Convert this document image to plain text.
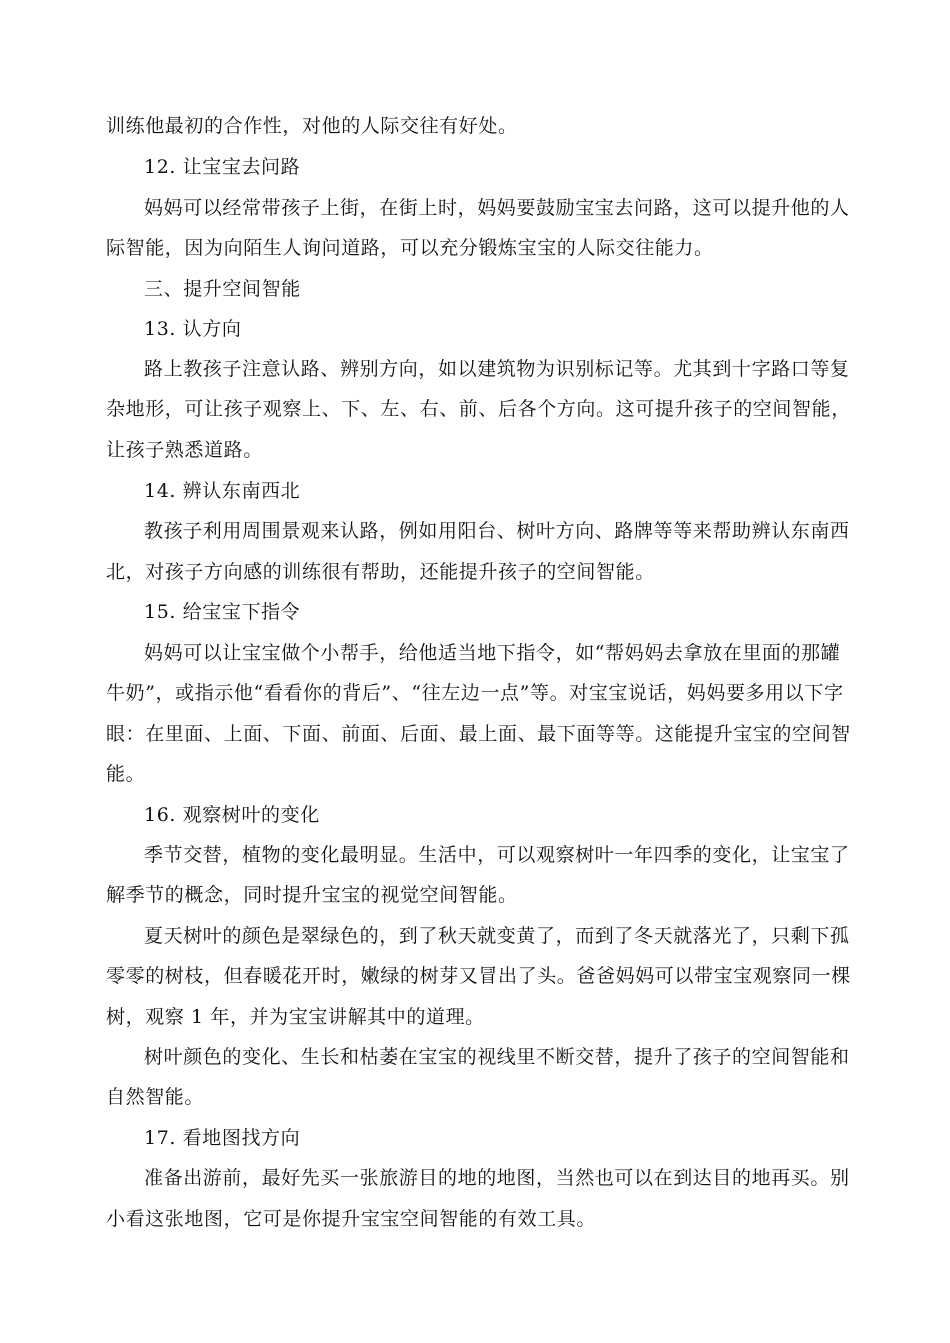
训练他最初的合作性，对他的人际交往有好处。
12. 让宝宝去问路
妈妈可以经常带孩子上街，在街上时，妈妈要鼓励宝宝去问路，这可以提升他的人
际智能，因为向陌生人询问道路，可以充分锻炼宝宝的人际交往能力。
三、提升空间智能
13. 认方向
路上教孩子注意认路、辨别方向，如以建筑物为识别标记等。尤其到十字路口等复
杂地形，可让孩子观察上、下、左、右、前、后各个方向。这可提升孩子的空间智能，
让孩子熟悉道路。
14. 辨认东南西北
教孩子利用周围景观来认路，例如用阳台、树叶方向、路牌等等来帮助辨认东南西
北，对孩子方向感的训练很有帮助，还能提升孩子的空间智能。
15. 给宝宝下指令
妈妈可以让宝宝做个小帮手，给他适当地下指令，如“帮妈妈去拿放在里面的那罐
牛奶”，或指示他“看看你的背后”、“往左边一点”等。对宝宝说话，妈妈要多用以下字
眼：在里面、上面、下面、前面、后面、最上面、最下面等等。这能提升宝宝的空间智
能。
16. 观察树叶的变化
季节交替，植物的变化最明显。生活中，可以观察树叶一年四季的变化，让宝宝了
解季节的概念，同时提升宝宝的视觉空间智能。
夏天树叶的颜色是翠绿色的，到了秋天就变黄了，而到了冬天就落光了，只剩下孤
零零的树枝，但春暖花开时，嫩绿的树芽又冒出了头。爸爸妈妈可以带宝宝观察同一棵
树，观察 1 年，并为宝宝讲解其中的道理。
树叶颜色的变化、生长和枯萎在宝宝的视线里不断交替，提升了孩子的空间智能和
自然智能。
17. 看地图找方向
准备出游前，最好先买一张旅游目的地的地图，当然也可以在到达目的地再买。别
小看这张地图，它可是你提升宝宝空间智能的有效工具。
